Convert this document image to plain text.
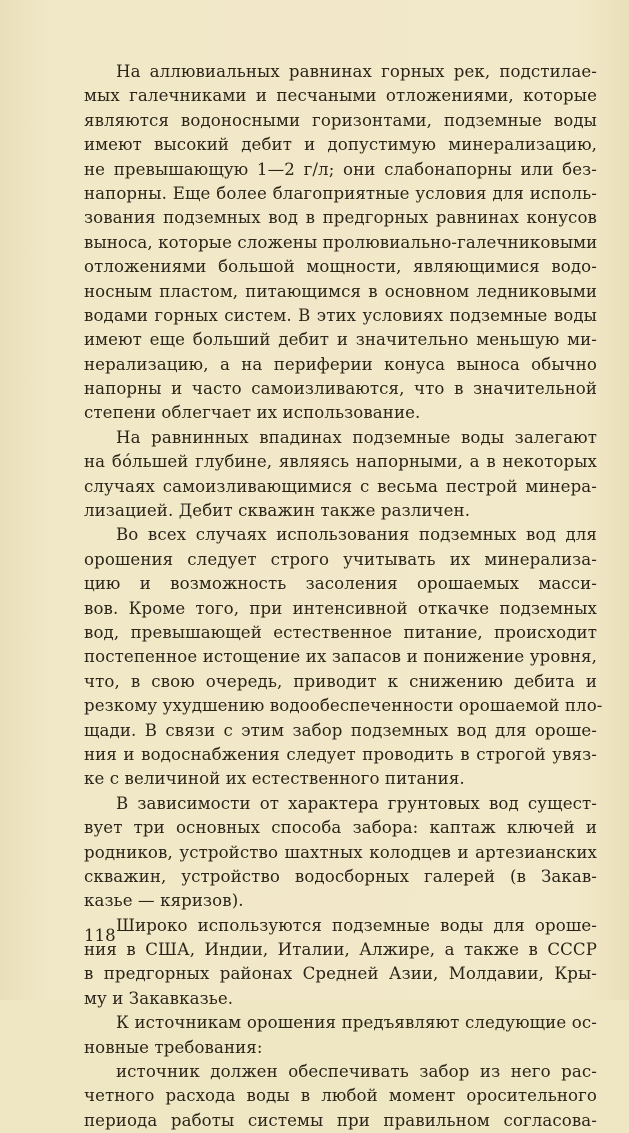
На аллювиальных равнинах горных рек, подстилае-
мых галечниками и песчаными отложениями, которые
являются водоносными горизонтами, подземные воды
имеют высокий дебит и допустимую минерализацию,
не превышающую 1—2 г/л; они слабонапорны или без-
напорны. Еще более благоприятные условия для исполь-
зования подземных вод в предгорных равнинах конусов
выноса, которые сложены пролювиально-галечниковыми
отложениями большой мощности, являющимися водо-
носным пластом, питающимся в основном ледниковыми
водами горных систем. В этих условиях подземные воды
имеют еще больший дебит и значительно меньшую ми-
нерализацию, а на периферии конуса выноса обычно
напорны и часто самоизливаются, что в значительной
степени облегчает их использование.
На равнинных впадинах подземные воды залегают
на бóльшей глубине, являясь напорными, а в некоторых
случаях самоизливающимися с весьма пестрой минера-
лизацией. Дебит скважин также различен.
Во всех случаях использования подземных вод для
орошения следует строго учитывать их минерализа-
цию и возможность засоления орошаемых масси-
вов. Кроме того, при интенсивной откачке подземных
вод, превышающей естественное питание, происходит
постепенное истощение их запасов и понижение уровня,
что, в свою очередь, приводит к снижению дебита и
резкому ухудшению водообеспеченности орошаемой пло-
щади. В связи с этим забор подземных вод для ороше-
ния и водоснабжения следует проводить в строгой увяз-
ке с величиной их естественного питания.
В зависимости от характера грунтовых вод сущест-
вует три основных способа забора: каптаж ключей и
родников, устройство шахтных колодцев и артезианских
скважин, устройство водосборных галерей (в Закав-
казье — кяризов).
Широко используются подземные воды для ороше-
ния в США, Индии, Италии, Алжире, а также в СССР
в предгорных районах Средней Азии, Молдавии, Кры-
му и Закавказье.
К источникам орошения предъявляют следующие ос-
новные требования:
источник должен обеспечивать забор из него рас-
четного расхода воды в любой момент оросительного
периода работы системы при правильном согласова-
118
